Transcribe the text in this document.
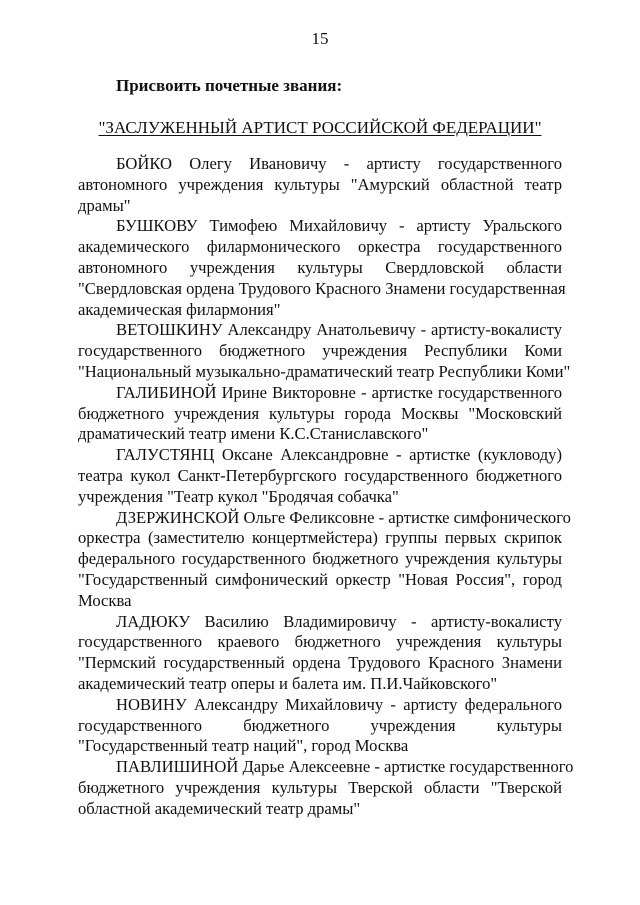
15
Присвоить почетные звания:
"ЗАСЛУЖЕННЫЙ АРТИСТ РОССИЙСКОЙ ФЕДЕРАЦИИ"
БОЙКО Олегу Ивановичу - артисту государственного
автономного учреждения культуры "Амурский областной театр
драмы"
БУШКОВУ Тимофею Михайловичу - артисту Уральского
академического филармонического оркестра государственного
автономного учреждения культуры Свердловской области
"Свердловская ордена Трудового Красного Знамени государственная
академическая филармония"
ВЕТОШКИНУ Александру Анатольевичу - артисту-вокалисту
государственного бюджетного учреждения Республики Коми
"Национальный музыкально-драматический театр Республики Коми"
ГАЛИБИНОЙ Ирине Викторовне - артистке государственного
бюджетного учреждения культуры города Москвы "Московский
драматический театр имени К.С.Станиславского"
ГАЛУСТЯНЦ Оксане Александровне - артистке (кукловоду)
театра кукол Санкт-Петербургского государственного бюджетного
учреждения "Театр кукол "Бродячая собачка"
ДЗЕРЖИНСКОЙ Ольге Феликсовне - артистке симфонического
оркестра (заместителю концертмейстера) группы первых скрипок
федерального государственного бюджетного учреждения культуры
"Государственный симфонический оркестр "Новая Россия", город
Москва
ЛАДЮКУ Василию Владимировичу - артисту-вокалисту
государственного краевого бюджетного учреждения культуры
"Пермский государственный ордена Трудового Красного Знамени
академический театр оперы и балета им. П.И.Чайковского"
НОВИНУ Александру Михайловичу - артисту федерального
государственного бюджетного учреждения культуры
"Государственный театр наций", город Москва
ПАВЛИШИНОЙ Дарье Алексеевне - артистке государственного
бюджетного учреждения культуры Тверской области "Тверской
областной академический театр драмы"
